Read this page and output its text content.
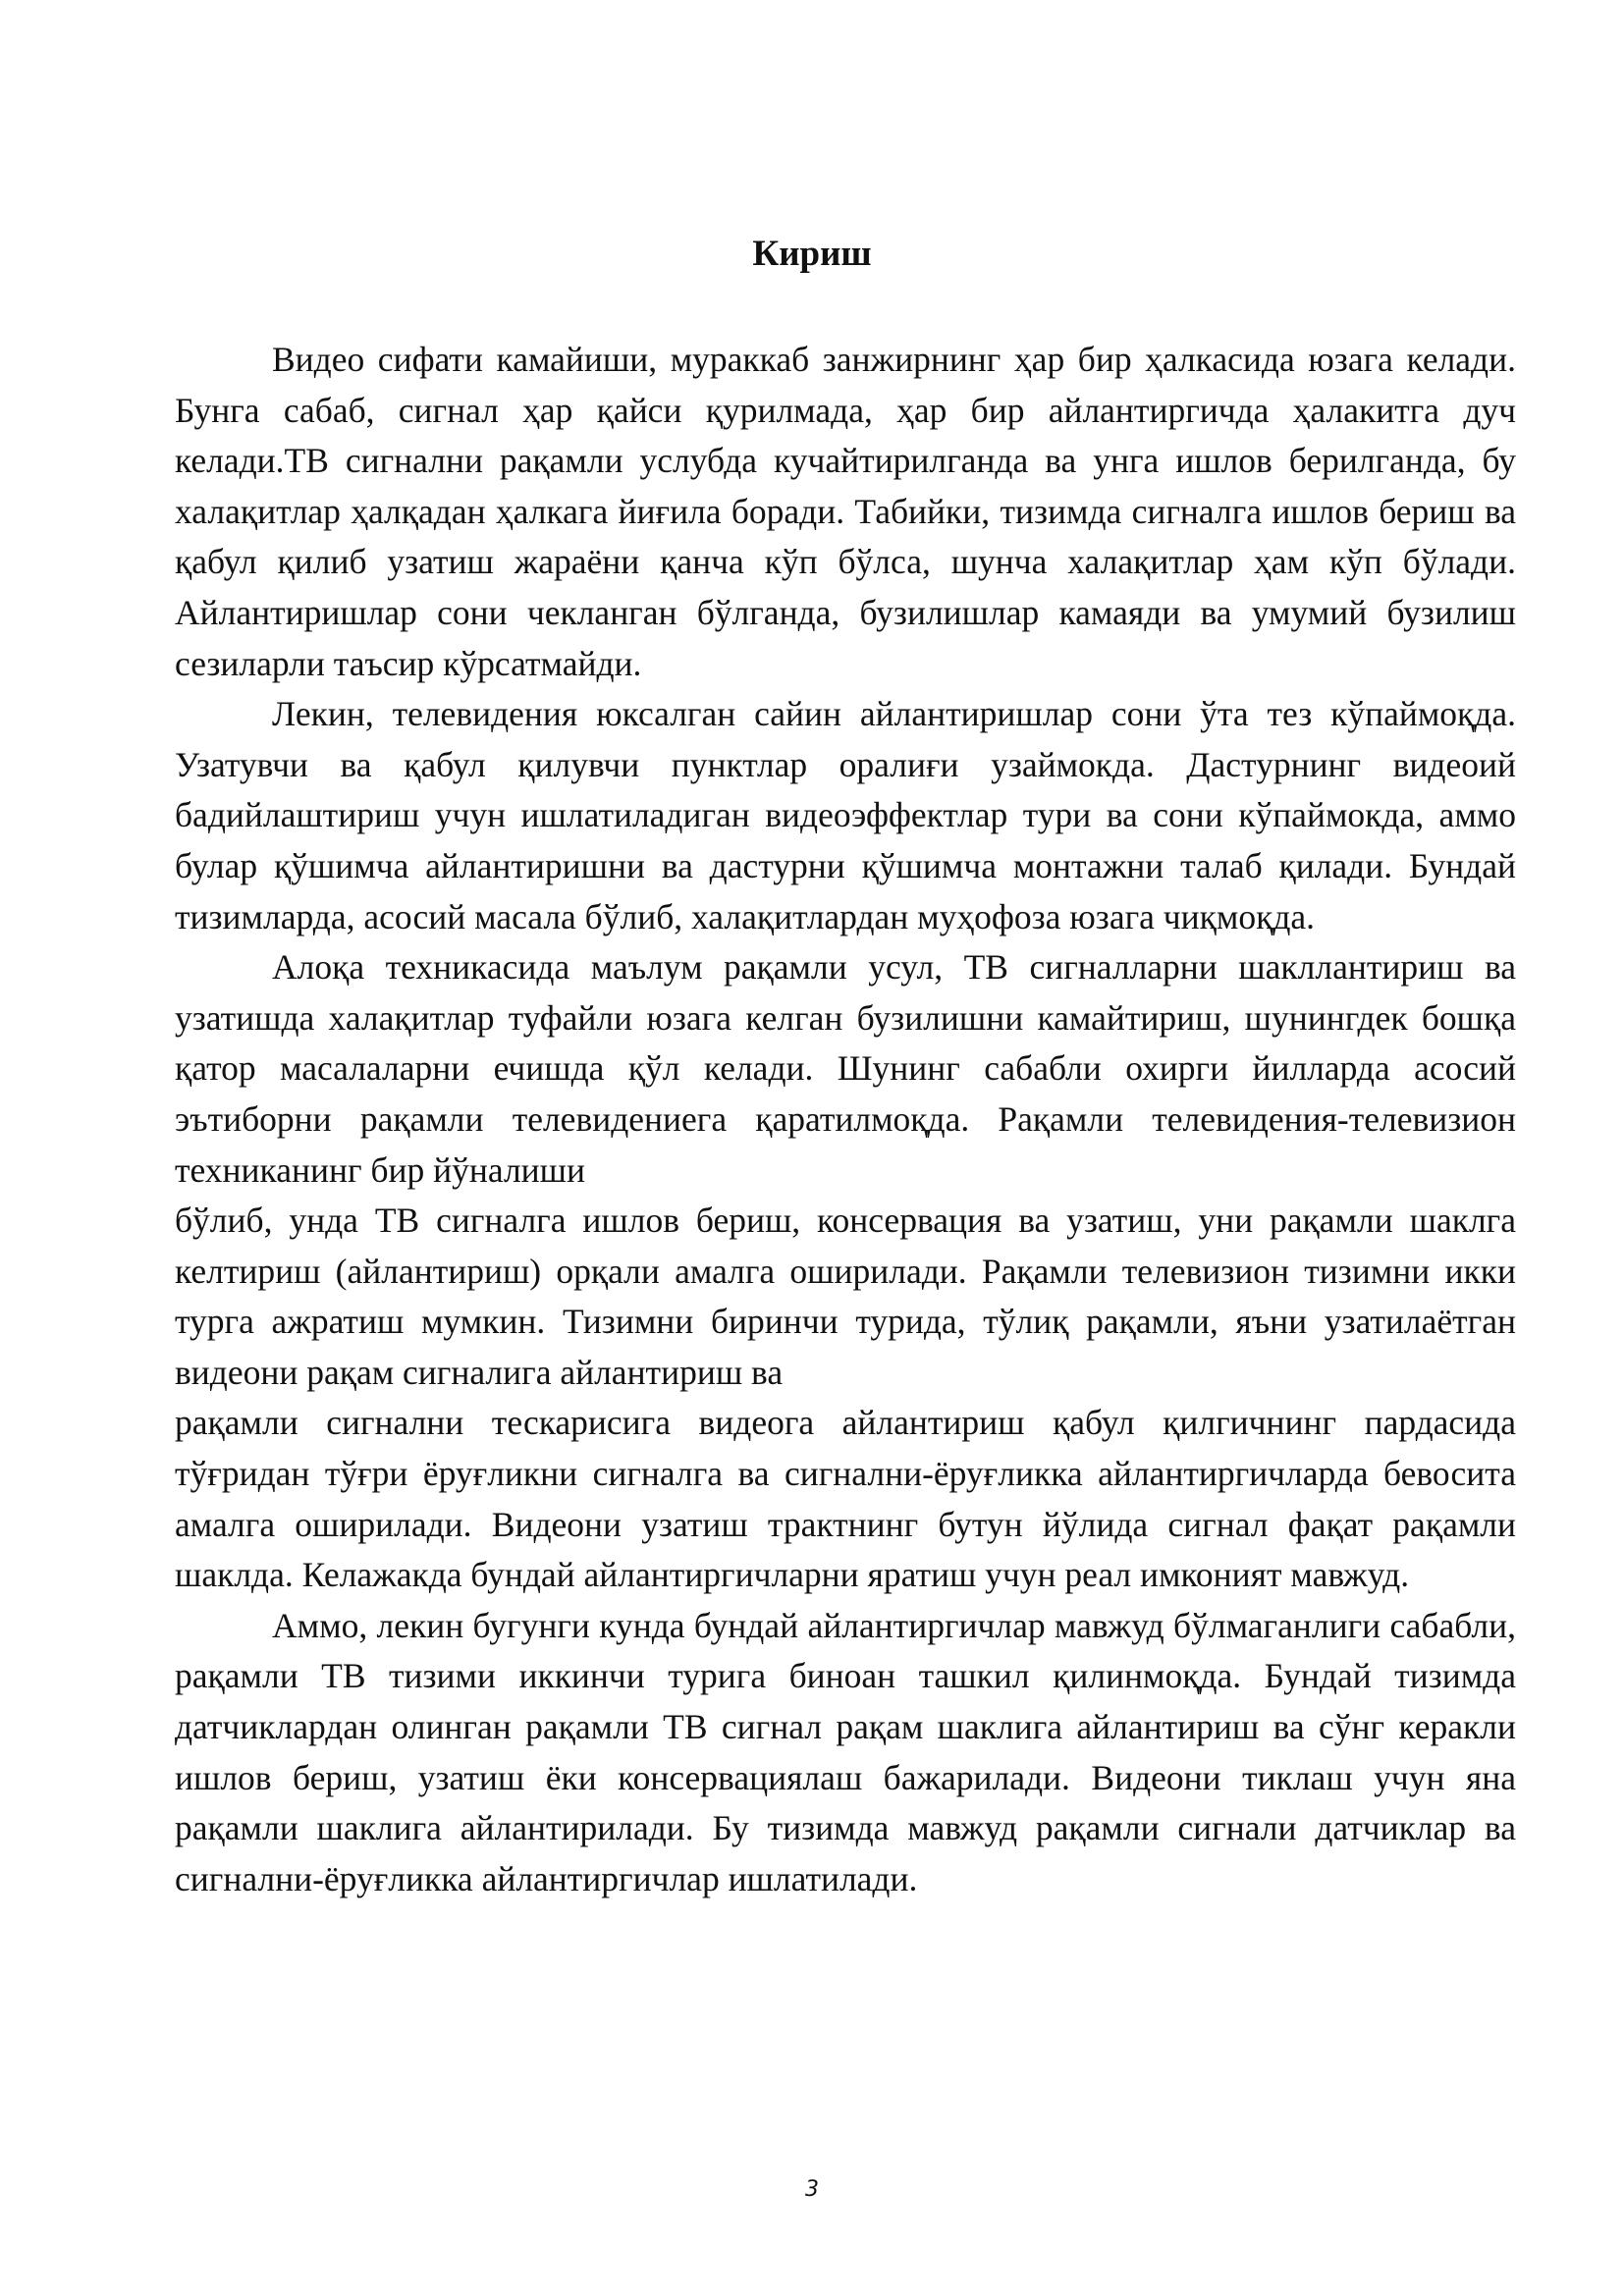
Кириш

Видео сифати камайиши, мураккаб занжирнинг ҳар бир ҳалкасида юзага келади. Бунга сабаб, сигнал ҳар қайси қурилмада, ҳар бир айлантиргичда ҳалакитга дуч келади.ТВ сигнални рақамли услубда кучайтирилганда ва унга ишлов берилганда, бу халақитлар ҳалқадан ҳалкага йиғила боради. Табийки, тизимда сигналга ишлов бериш ва қабул қилиб узатиш жараёни қанча кўп бўлса, шунча халақитлар ҳам кўп бўлади. Айлантиришлар сони чекланган бўлганда, бузилишлар камаяди ва умумий бузилиш сезиларли таъсир кўрсатмайди.

Лекин, телевидения юксалган сайин айлантиришлар сони ўта тез кўпаймоқда. Узатувчи ва қабул қилувчи пунктлар оралиғи узаймокда. Дастурнинг видеоий бадийлаштириш учун ишлатиладиган видеоэффектлар тури ва сони кўпаймокда, аммо булар қўшимча айлантиришни ва дастурни қўшимча монтажни талаб қилади. Бундай тизимларда, асосий масала бўлиб, халақитлардан муҳофоза юзага чиқмоқда.

Алоқа техникасида маълум рақамли усул, ТВ сигналларни шакллантириш ва узатишда халақитлар туфайли юзага келган бузилишни камайтириш, шунингдек бошқа қатор масалаларни ечишда қўл келади. Шунинг сабабли охирги йилларда асосий эътиборни рақамли телевидениега қаратилмоқда. Рақамли телевидения-телевизион техниканинг бир йўналиши

бўлиб, унда ТВ сигналга ишлов бериш, консервация ва узатиш, уни рақамли шаклга келтириш (айлантириш) орқали амалга оширилади. Рақамли телевизион тизимни икки турга ажратиш мумкин. Тизимни биринчи турида, тўлиқ рақамли, яъни узатилаётган видеони рақам сигналига айлантириш ва

рақамли сигнални тескарисига видеога айлантириш қабул қилгичнинг пардасида тўғридан тўғри ёруғликни сигналга ва сигнални-ёруғликка айлантиргичларда бевосита амалга оширилади. Видеони узатиш трактнинг бутун йўлида сигнал фақат рақамли шаклда. Келажакда бундай айлантиргичларни яратиш учун реал имконият мавжуд.

Аммо, лекин бугунги кунда бундай айлантиргичлар мавжуд бўлмаганлиги сабабли, рақамли ТВ тизими иккинчи турига биноан ташкил қилинмоқда. Бундай тизимда датчиклардан олинган рақамли ТВ сигнал рақам шаклига айлантириш ва сўнг керакли ишлов бериш, узатиш ёки консервациялаш бажарилади. Видеони тиклаш учун яна рақамли шаклига айлантирилади. Бу тизимда мавжуд рақамли сигнали датчиклар ва сигнални-ёруғликка айлантиргичлар ишлатилади.

3
